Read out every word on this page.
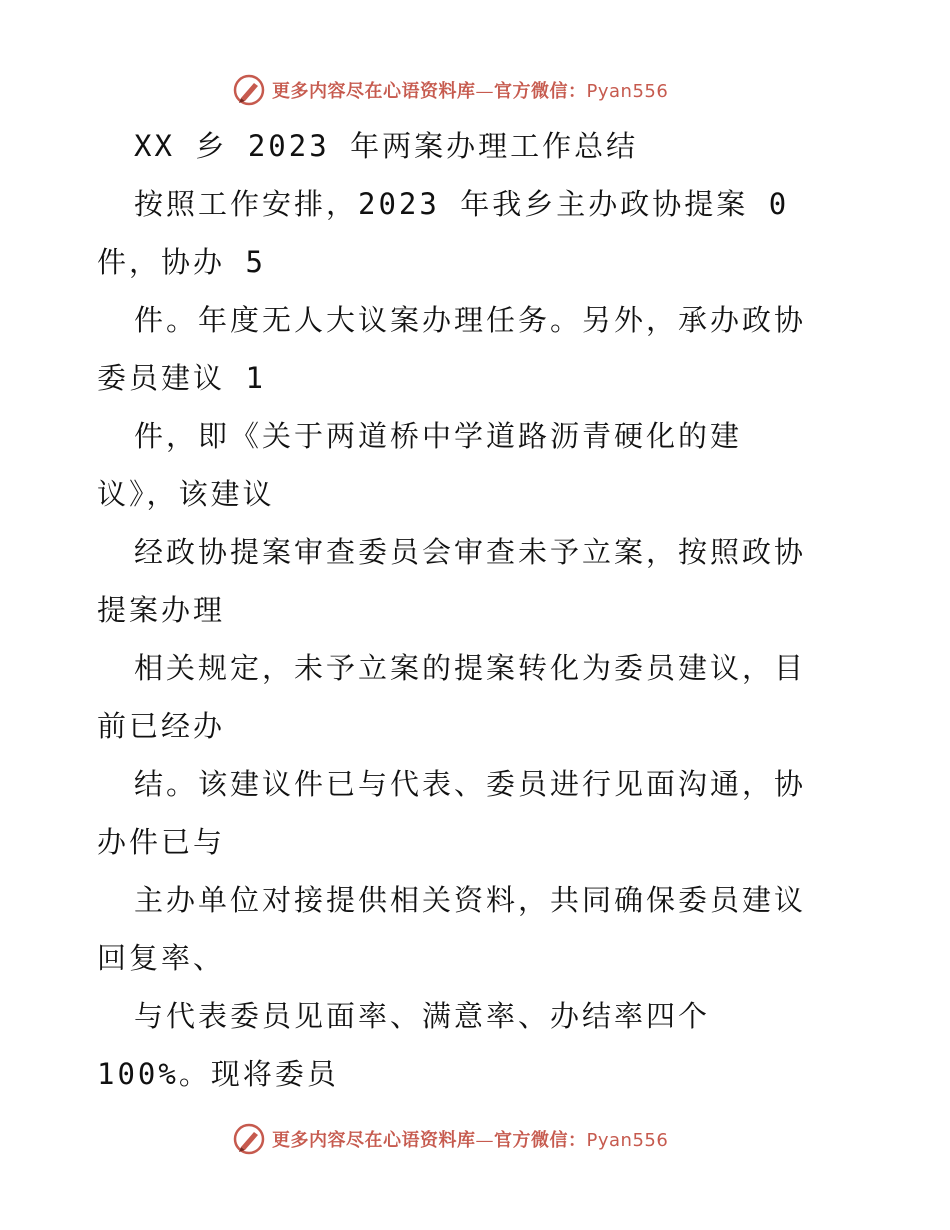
更多内容尽在心语资料库—官方微信：Pyan556
XX 乡 2023 年两案办理工作总结
按照工作安排，2023 年我乡主办政协提案 0
件，协办 5
件。年度无人大议案办理任务。另外，承办政协
委员建议 1
件，即《关于两道桥中学道路沥青硬化的建
议》，该建议
经政协提案审查委员会审查未予立案，按照政协
提案办理
相关规定，未予立案的提案转化为委员建议，目
前已经办
结。该建议件已与代表、委员进行见面沟通，协
办件已与
主办单位对接提供相关资料，共同确保委员建议
回复率、
与代表委员见面率、满意率、办结率四个
100%。现将委员
更多内容尽在心语资料库—官方微信：Pyan556
